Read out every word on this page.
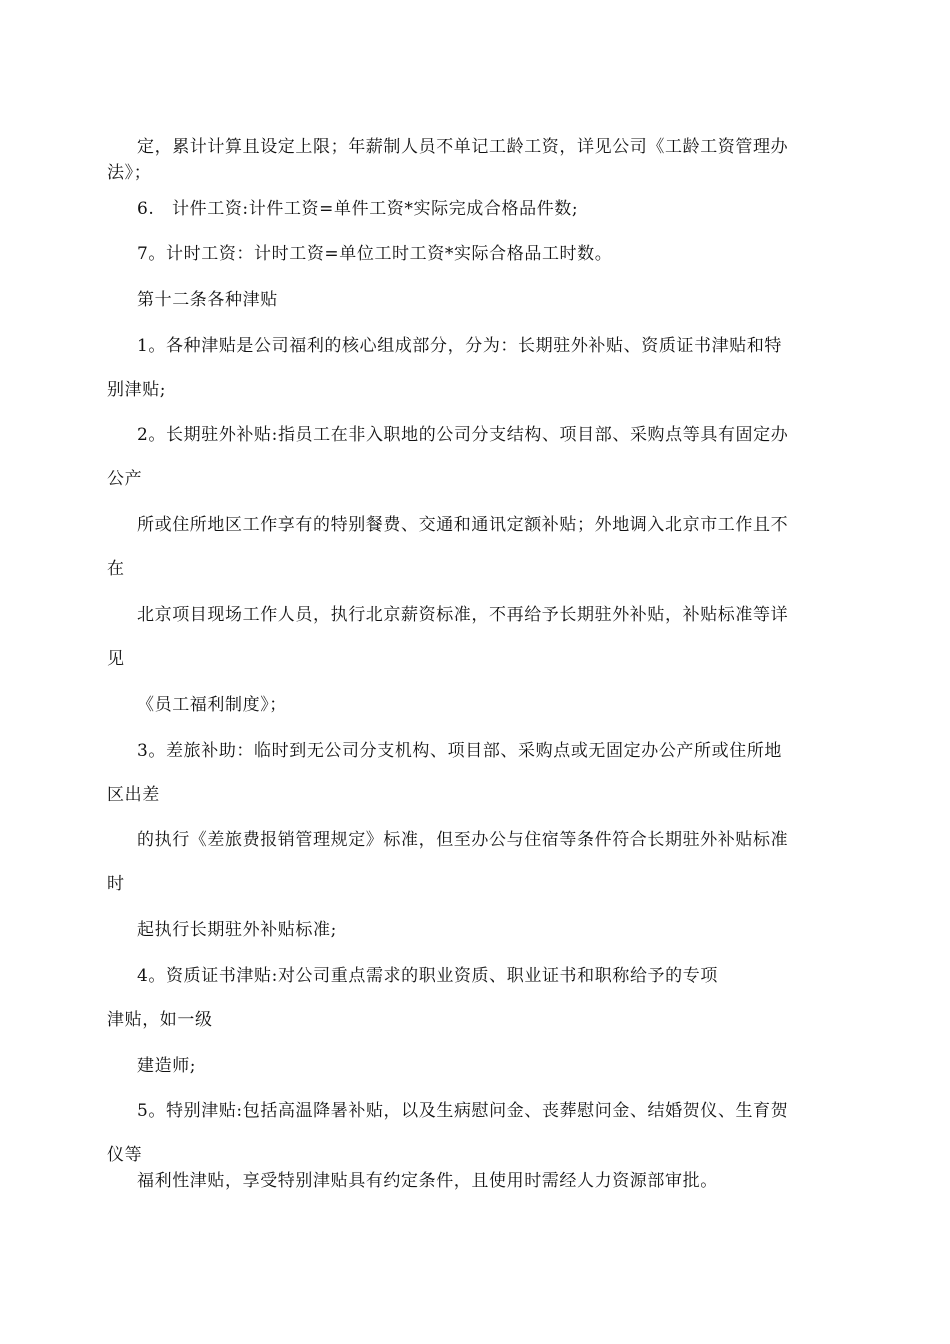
定，累计计算且设定上限；年薪制人员不单记工龄工资，详见公司《工龄工资管理办
法》；
6.　计件工资:计件工资=单件工资*实际完成合格品件数;
7。计时工资：计时工资=单位工时工资*实际合格品工时数。
第十二条各种津贴
1。各种津贴是公司福利的核心组成部分，分为：长期驻外补贴、资质证书津贴和特
别津贴;
2。长期驻外补贴:指员工在非入职地的公司分支结构、项目部、采购点等具有固定办
公产
所或住所地区工作享有的特别餐费、交通和通讯定额补贴；外地调入北京市工作且不
在
北京项目现场工作人员，执行北京薪资标准，不再给予长期驻外补贴，补贴标准等详
见
《员工福利制度》；
3。差旅补助：临时到无公司分支机构、项目部、采购点或无固定办公产所或住所地
区出差
的执行《差旅费报销管理规定》标准，但至办公与住宿等条件符合长期驻外补贴标准
时
起执行长期驻外补贴标准;
4。资质证书津贴:对公司重点需求的职业资质、职业证书和职称给予的专项
津贴，如一级
建造师;
5。特别津贴:包括高温降暑补贴，以及生病慰问金、丧葬慰问金、结婚贺仪、生育贺
仪等
福利性津贴，享受特别津贴具有约定条件，且使用时需经人力资源部审批。
